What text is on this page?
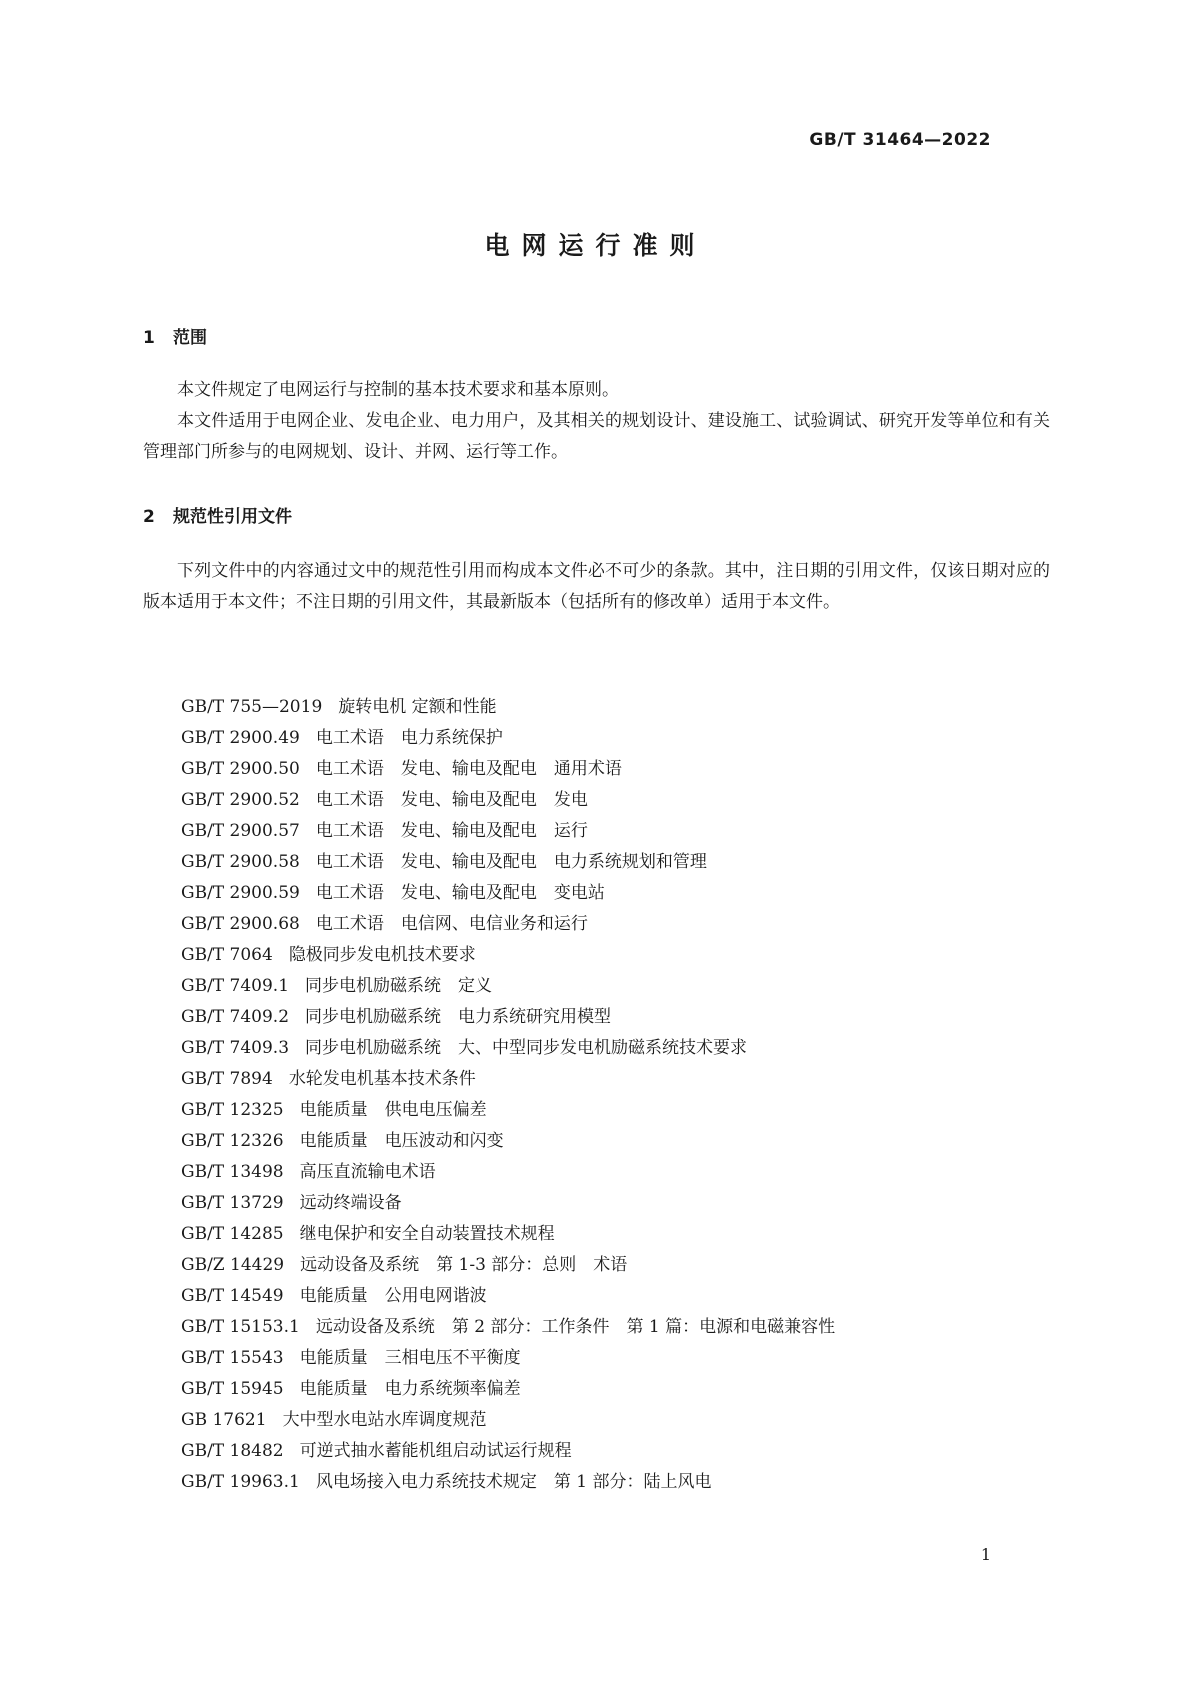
GB/T 31464—2022
电网运行准则
1 范围
本文件规定了电网运行与控制的基本技术要求和基本原则。
本文件适用于电网企业、发电企业、电力用户，及其相关的规划设计、建设施工、试验调试、研究开发等单位和有关管理部门所参与的电网规划、设计、并网、运行等工作。
2 规范性引用文件
下列文件中的内容通过文中的规范性引用而构成本文件必不可少的条款。其中，注日期的引用文件，仅该日期对应的版本适用于本文件；不注日期的引用文件，其最新版本（包括所有的修改单）适用于本文件。
GB/T 755—2019 旋转电机 定额和性能
GB/T 2900.49 电工术语　电力系统保护
GB/T 2900.50 电工术语　发电、输电及配电　通用术语
GB/T 2900.52 电工术语　发电、输电及配电　发电
GB/T 2900.57 电工术语　发电、输电及配电　运行
GB/T 2900.58 电工术语　发电、输电及配电　电力系统规划和管理
GB/T 2900.59 电工术语　发电、输电及配电　变电站
GB/T 2900.68 电工术语　电信网、电信业务和运行
GB/T 7064 隐极同步发电机技术要求
GB/T 7409.1 同步电机励磁系统　定义
GB/T 7409.2 同步电机励磁系统　电力系统研究用模型
GB/T 7409.3 同步电机励磁系统　大、中型同步发电机励磁系统技术要求
GB/T 7894 水轮发电机基本技术条件
GB/T 12325 电能质量　供电电压偏差
GB/T 12326 电能质量　电压波动和闪变
GB/T 13498 高压直流输电术语
GB/T 13729 远动终端设备
GB/T 14285 继电保护和安全自动装置技术规程
GB/Z 14429 远动设备及系统　第 1-3 部分：总则　术语
GB/T 14549 电能质量　公用电网谐波
GB/T 15153.1 远动设备及系统　第 2 部分：工作条件　第 1 篇：电源和电磁兼容性
GB/T 15543 电能质量　三相电压不平衡度
GB/T 15945 电能质量　电力系统频率偏差
GB 17621 大中型水电站水库调度规范
GB/T 18482 可逆式抽水蓄能机组启动试运行规程
GB/T 19963.1 风电场接入电力系统技术规定　第 1 部分：陆上风电
1
